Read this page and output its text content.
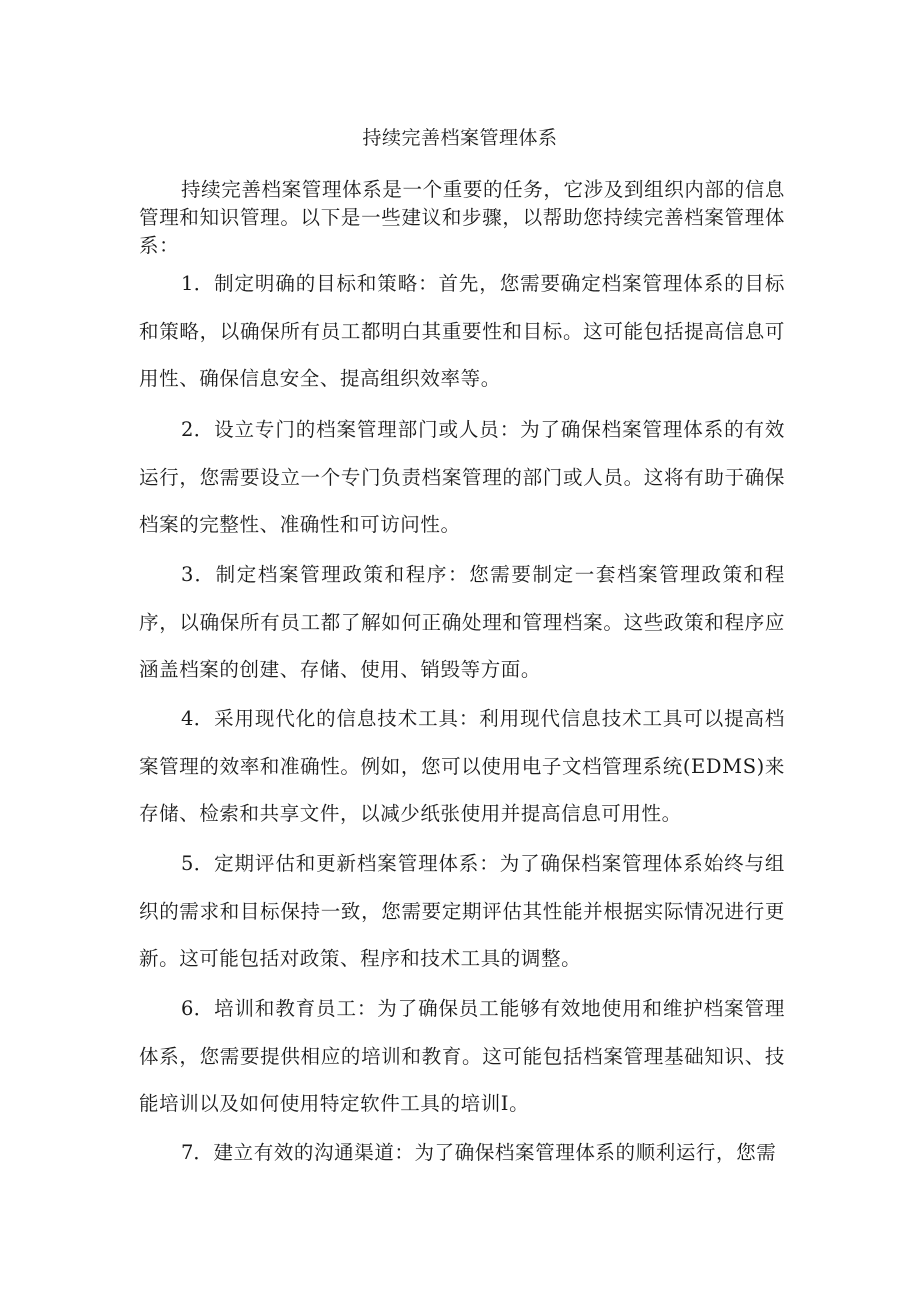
持续完善档案管理体系

持续完善档案管理体系是一个重要的任务，它涉及到组织内部的信息管理和知识管理。以下是一些建议和步骤，以帮助您持续完善档案管理体系：

1．制定明确的目标和策略：首先，您需要确定档案管理体系的目标和策略，以确保所有员工都明白其重要性和目标。这可能包括提高信息可用性、确保信息安全、提高组织效率等。

2．设立专门的档案管理部门或人员：为了确保档案管理体系的有效运行，您需要设立一个专门负责档案管理的部门或人员。这将有助于确保档案的完整性、准确性和可访问性。

3．制定档案管理政策和程序：您需要制定一套档案管理政策和程序，以确保所有员工都了解如何正确处理和管理档案。这些政策和程序应涵盖档案的创建、存储、使用、销毁等方面。

4．采用现代化的信息技术工具：利用现代信息技术工具可以提高档案管理的效率和准确性。例如，您可以使用电子文档管理系统(EDMS)来存储、检索和共享文件，以减少纸张使用并提高信息可用性。

5．定期评估和更新档案管理体系：为了确保档案管理体系始终与组织的需求和目标保持一致，您需要定期评估其性能并根据实际情况进行更新。这可能包括对政策、程序和技术工具的调整。

6．培训和教育员工：为了确保员工能够有效地使用和维护档案管理体系，您需要提供相应的培训和教育。这可能包括档案管理基础知识、技能培训以及如何使用特定软件工具的培训I。

7．建立有效的沟通渠道：为了确保档案管理体系的顺利运行，您需
